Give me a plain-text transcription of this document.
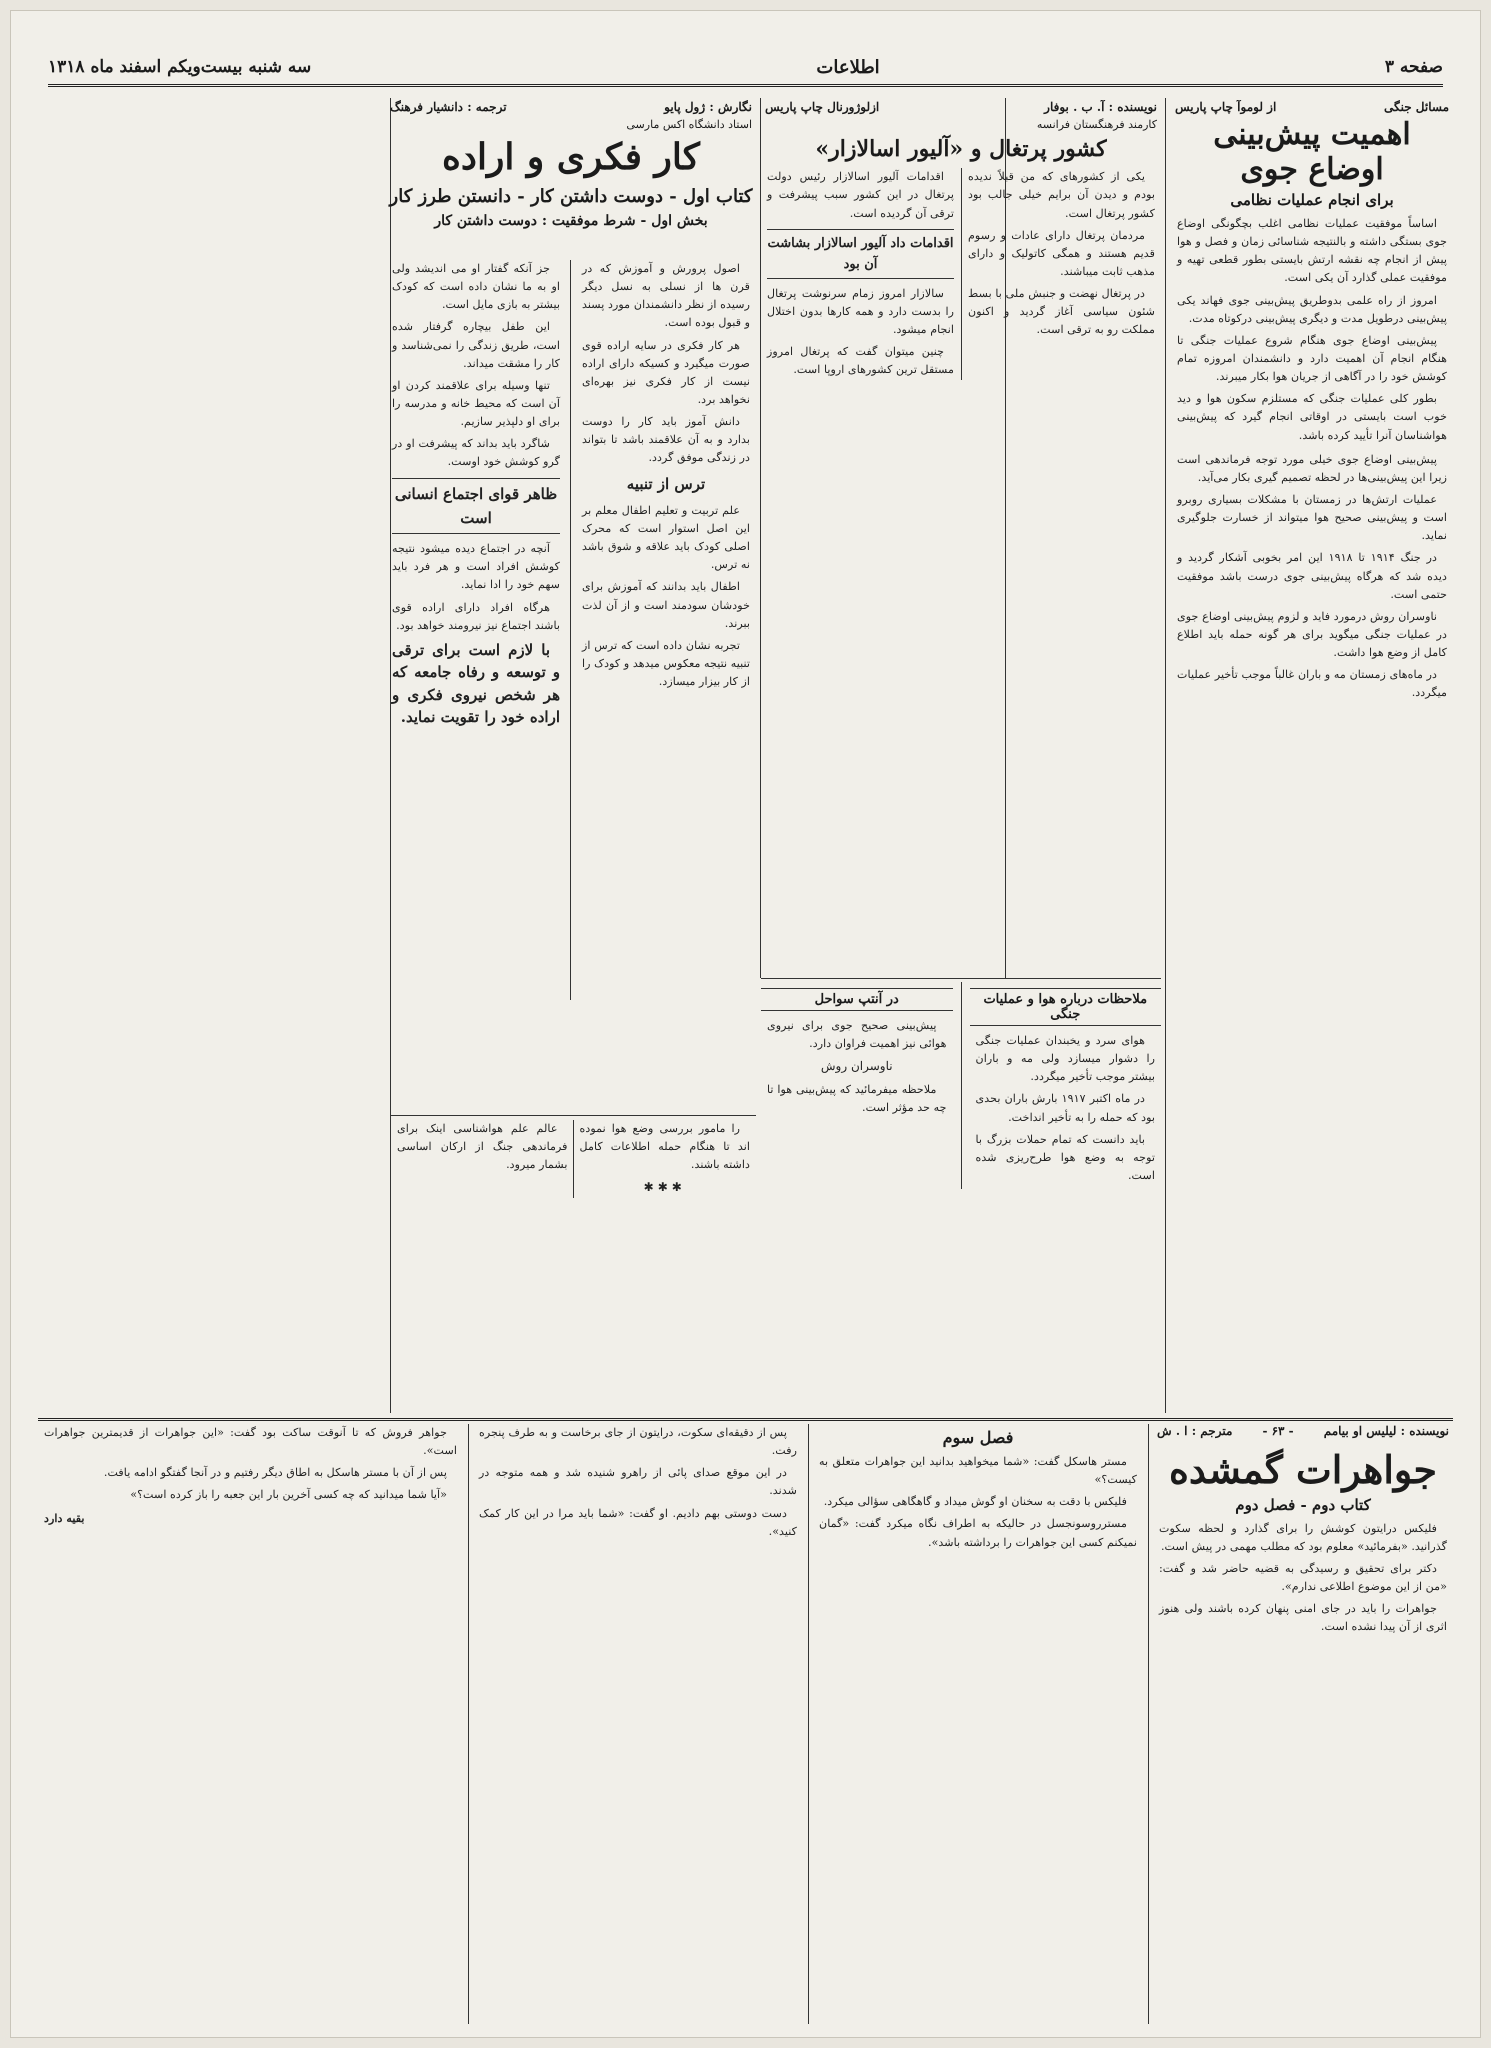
صفحه ۳
اطلاعات
سه شنبه بیست‌ویکم اسفند ماه ۱۳۱۸
مسائل جنگی
از لوموآ چاپ پاریس
اهمیت پیش‌بینی اوضاع جوی
برای انجام عملیات نظامی

اساساً موفقیت عملیات نظامی اغلب بچگونگی اوضاع جوی بستگی داشته و بالنتیجه شناسائی زمان و فصل و هوا پیش از انجام چه نقشه ارتش بایستی بطور قطعی تهیه و موفقیت عملی گذارد آن یکی است.

امروز از راه علمی بدوطریق پیش‌بینی جوی فهاند یکی پیش‌بینی درطویل مدت و دیگری پیش‌بینی درکوتاه مدت.

پیش‌بینی اوضاع جوی هنگام شروع عملیات جنگی تا هنگام انجام آن اهمیت دارد و دانشمندان امروزه تمام کوشش خود را در آگاهی از جریان هوا بکار میبرند.

بطور کلی عملیات جنگی که مستلزم سکون هوا و دید خوب است بایستی در اوقاتی انجام گیرد که پیش‌بینی هواشناسان آنرا تأیید کرده باشد.

پیش‌بینی اوضاع جوی خیلی مورد توجه فرماندهی است زیرا این پیش‌بینی‌ها در لحظه تصمیم گیری بکار می‌آید.

عملیات ارتش‌ها در زمستان با مشکلات بسیاری روبرو است و پیش‌بینی صحیح هوا میتواند از خسارت جلوگیری نماید.

در جنگ ۱۹۱۴ تا ۱۹۱۸ این امر بخوبی آشکار گردید و دیده شد که هرگاه پیش‌بینی جوی درست باشد موفقیت حتمی است.

ناوسران روش درمورد فاید و لزوم پیش‌بینی اوضاع جوی در عملیات جنگی میگوید برای هر گونه حمله باید اطلاع کامل از وضع هوا داشت.

در ماه‌های زمستان مه و باران غالباً موجب تأخیر عملیات میگردد.

نویسنده : آ. ب . بوفار
ازلوژورنال چاپ پاریس
کارمند فرهنگستان فرانسه
کشور پرتغال و «آلیور اسالازار»

یکی از کشورهای که من قبلاً ندیده بودم و دیدن آن برایم خیلی جالب بود کشور پرتغال است.

مردمان پرتغال دارای عادات و رسوم قدیم هستند و همگی کاتولیک و دارای مذهب ثابت میباشند.

در پرتغال نهضت و جنبش ملی با بسط شئون سیاسی آغاز گردید و اکنون مملکت رو به ترقی است.

اقدامات آلیور اسالازار رئیس دولت پرتغال در این کشور سبب پیشرفت و ترقی آن گردیده است.

اقدامات داد آلیور اسالازار بشاشت آن بود

سالازار امروز زمام سرنوشت پرتغال را بدست دارد و همه کارها بدون اختلال انجام میشود.

چنین میتوان گفت که پرتغال امروز مستقل ترین کشورهای اروپا است.

نگارش : ژول پایو
ترجمه : دانشیار فرهنگ
استاد دانشگاه اکس مارسی
کار فکری و اراده
کتاب اول - دوست داشتن کار - دانستن طرز کار
بخش اول - شرط موفقیت : دوست داشتن کار

اصول پرورش و آموزش که در قرن ها از نسلی به نسل دیگر رسیده از نظر دانشمندان مورد پسند و قبول بوده است.

هر کار فکری در سایه اراده قوی صورت میگیرد و کسیکه دارای اراده نیست از کار فکری نیز بهره‌ای نخواهد برد.

دانش آموز باید کار را دوست بدارد و به آن علاقمند باشد تا بتواند در زندگی موفق گردد.

ترس از تنبیه

علم تربیت و تعلیم اطفال معلم بر این اصل استوار است که محرک اصلی کودک باید علاقه و شوق باشد نه ترس.

اطفال باید بدانند که آموزش برای خودشان سودمند است و از آن لذت ببرند.

تجربه نشان داده است که ترس از تنبیه نتیجه معکوس میدهد و کودک را از کار بیزار میسازد.

جز آنکه گفتار او می اندیشد ولی او به ما نشان داده است که کودک بیشتر به بازی مایل است.

این طفل بیچاره گرفتار شده است، طریق زندگی را نمی‌شناسد و کار را مشقت میداند.

تنها وسیله برای علاقمند کردن او آن است که محیط خانه و مدرسه را برای او دلپذیر سازیم.

شاگرد باید بداند که پیشرفت او در گرو کوشش خود اوست.

ظاهر قوای اجتماع انسانی است

آنچه در اجتماع دیده میشود نتیجه کوشش افراد است و هر فرد باید سهم خود را ادا نماید.

هرگاه افراد دارای اراده قوی باشند اجتماع نیز نیرومند خواهد بود.

با لازم است برای ترقی و توسعه و رفاه جامعه که هر شخص نیروی فکری و اراده خود را تقویت نماید.

ملاحظات درباره هوا و عملیات جنگی

هوای سرد و یخبندان عملیات جنگی را دشوار میسازد ولی مه و باران بیشتر موجب تأخیر میگردد.

در ماه اکتبر ۱۹۱۷ بارش باران بحدی بود که حمله را به تأخیر انداخت.

باید دانست که تمام حملات بزرگ با توجه به وضع هوا طرح‌ریزی شده است.

در آنتپ سواحل

پیش‌بینی صحیح جوی برای نیروی هوائی نیز اهمیت فراوان دارد.

ناوسران روش

ملاحظه میفرمائید که پیش‌بینی هوا تا چه حد مؤثر است.

را مامور بررسی وضع هوا نموده اند تا هنگام حمله اطلاعات کامل داشته باشند.

✱✱✱

عالم علم هواشناسی اینک برای فرماندهی جنگ از ارکان اساسی بشمار میرود.

نویسنده : لیلیس او بیامم
- ۶۳ -
مترجم : ا . ش
جواهرات گمشده
کتاب دوم - فصل دوم

فلیکس درایتون کوشش را برای گذارد و لحظه سکوت گذرانید. «بفرمائید» معلوم بود که مطلب مهمی در پیش است.

دکتر برای تحقیق و رسیدگی به قضیه حاضر شد و گفت: «من از این موضوع اطلاعی ندارم».

جواهرات را باید در جای امنی پنهان کرده باشند ولی هنوز اثری از آن پیدا نشده است.

فصل سوم

مستر هاسکل گفت: «شما میخواهید بدانید این جواهرات متعلق به کیست؟»

فلیکس با دقت به سخنان او گوش میداد و گاهگاهی سؤالی میکرد.

مسترروسونجسل در حالیکه به اطراف نگاه میکرد گفت: «گمان نمیکنم کسی این جواهرات را برداشته باشد».

پس از دقیقه‌ای سکوت، درایتون از جای برخاست و به طرف پنجره رفت.

در این موقع صدای پائی از راهرو شنیده شد و همه متوجه در شدند.

دست دوستی بهم دادیم. او گفت: «شما باید مرا در این کار کمک کنید».

جواهر فروش که تا آنوقت ساکت بود گفت: «این جواهرات از قدیمترین جواهرات است».

پس از آن با مستر هاسکل به اطاق دیگر رفتیم و در آنجا گفتگو ادامه یافت.

«آیا شما میدانید که چه کسی آخرین بار این جعبه را باز کرده است؟»

بقیه دارد
